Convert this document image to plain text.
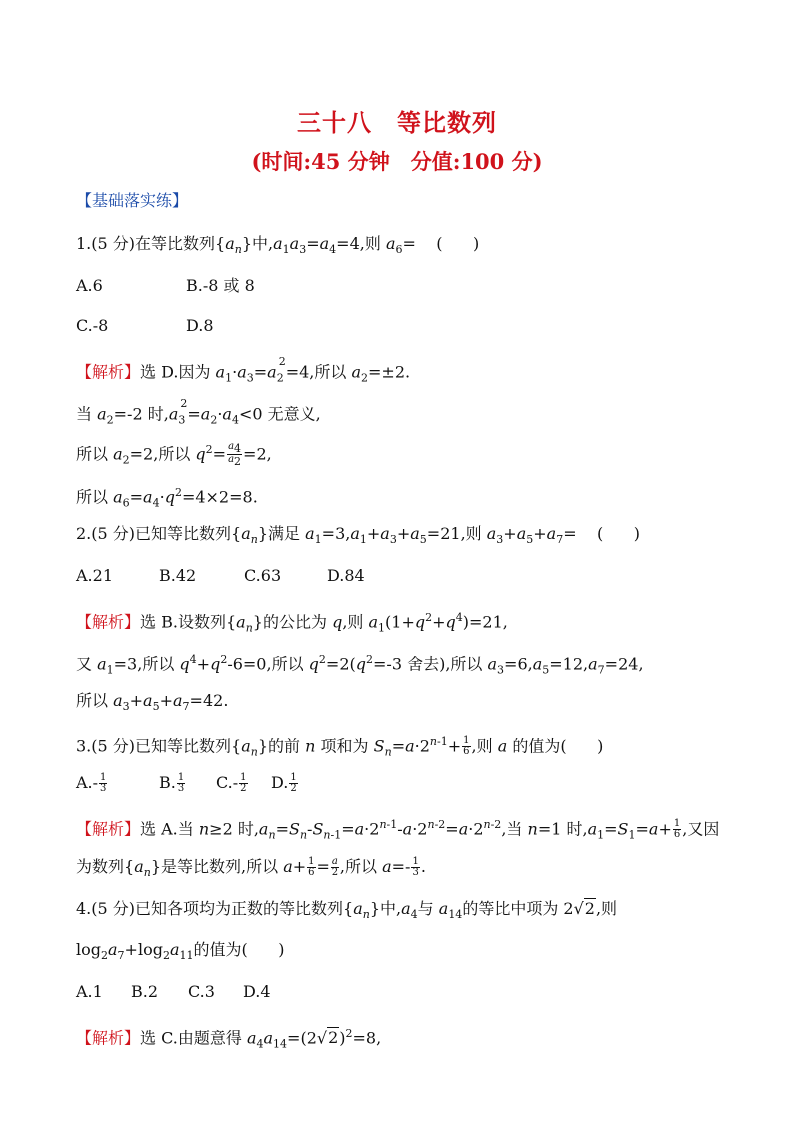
三十八　等比数列
(时间:45 分钟　分值:100 分)
【基础落实练】
1.(5 分)在等比数列$\{a_n\}$中$,a_1a_3=a_4=4$,则 $a_6=$    (      )
A.6	B.-8 或 8
C.-8	D.8
【解析】选 D.因为 $a_1\cdot a_3=a_2^2=4$,所以 $a_2=\pm 2$.
当 $a_2=-2$ 时$,a_3^2=a_2\cdot a_4<0$ 无意义,
所以 $a_2=2$,所以 $q^2= \frac{a_4}{a_2} =2$,
所以 $a_6=a_4\cdot q^2=4\times 2=8$.
2.(5 分)已知等比数列$\{a_n\}$满足 $a_1=3,a_1+a_3+a_5=21$,则 $a_3+a_5+a_7=$    (      )
A.21	B.42	C.63	D.84
【解析】选 B.设数列$\{a_n\}$的公比为 q,则 $a_1(1+q^2+q^4)=21$,
又 $a_1=3$,所以 $q^4+q^2-6=0$,所以 $q^2=2(q^2=-3$ 舍去),所以 $a_3=6,a_5=12,a_7=24$,
所以 $a_3+a_5+a_7=42$.
3.(5 分)已知等比数列$\{a_n\}$的前 n 项和为 $S_n=a\cdot 2^{n-1}+ \frac{1}{6}$ ,则 a 的值为(      )
$A.- \frac{1}{3}$	B. $\frac{1}{3} C.- \frac{1}{2} D$. $\frac{1}{2}$
【解析】选 A.当 n≥2 时$,a_n=S_n-S_{n-1}=a\cdot 2^{n-1}-a\cdot 2^{n-2}=a\cdot 2^{n-2}$,当 n=1 时$,a_1=S_1=a+ \frac{1}{6}$ ,又因
为数列$\{a_n\}$是等比数列,所以 $a+ \frac{1}{6} = \frac{a}{2}$ ,所以 $a=- \frac{1}{3}$ .
4.(5 分)已知各项均为正数的等比数列$\{a_n\}$中$,a_4$与 $a_{14}$的等比中项为 2√2,则
$\log_2a_7+\log_2a_{11}$的值为(      )
A.1 B.2 C.3 D.4
【解析】选 C.由题意得 $a_4a_{14}=(2√2)^2=8$,
